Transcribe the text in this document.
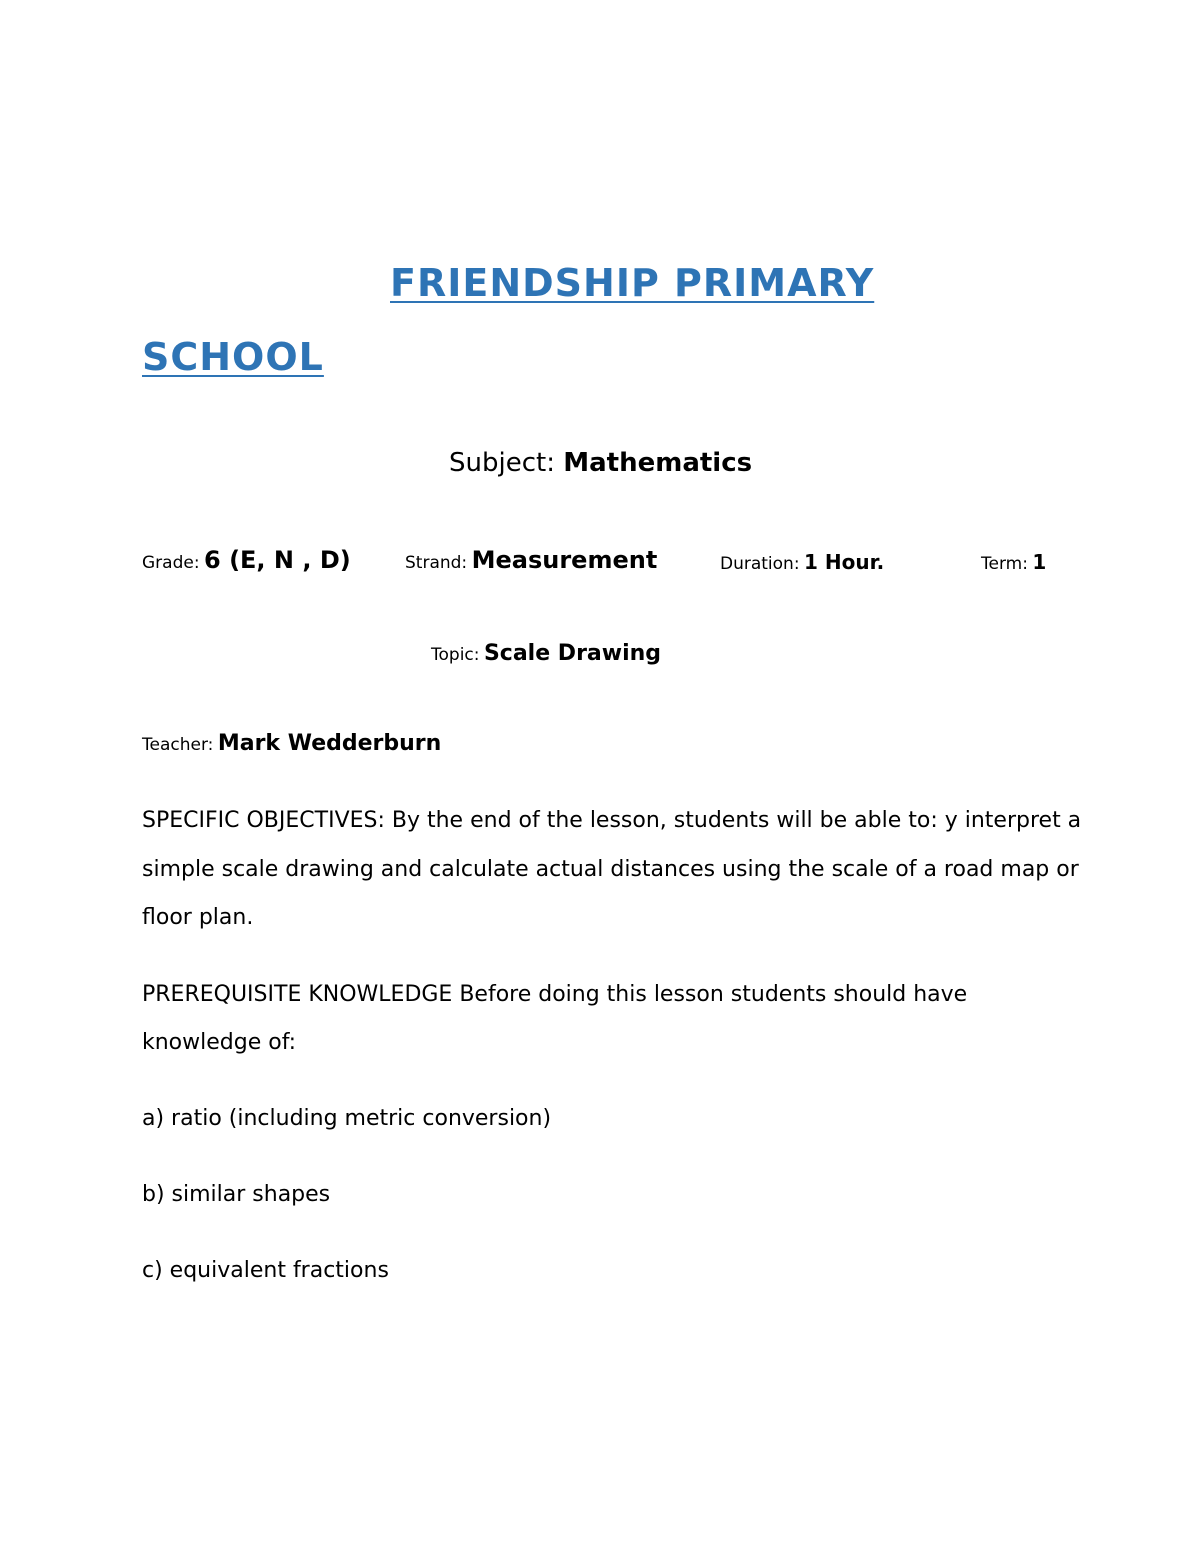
FRIENDSHIP PRIMARY
SCHOOL
Subject: Mathematics
Grade: 6 (E, N , D)	Strand: Measurement	Duration: 1 Hour.	Term: 1
Topic: Scale Drawing
Teacher: Mark Wedderburn
SPECIFIC OBJECTIVES: By the end of the lesson, students will be able to: y interpret a
simple scale drawing and calculate actual distances using the scale of a road map or
floor plan.
PREREQUISITE KNOWLEDGE Before doing this lesson students should have
knowledge of:
a) ratio (including metric conversion)
b) similar shapes
c) equivalent fractions
